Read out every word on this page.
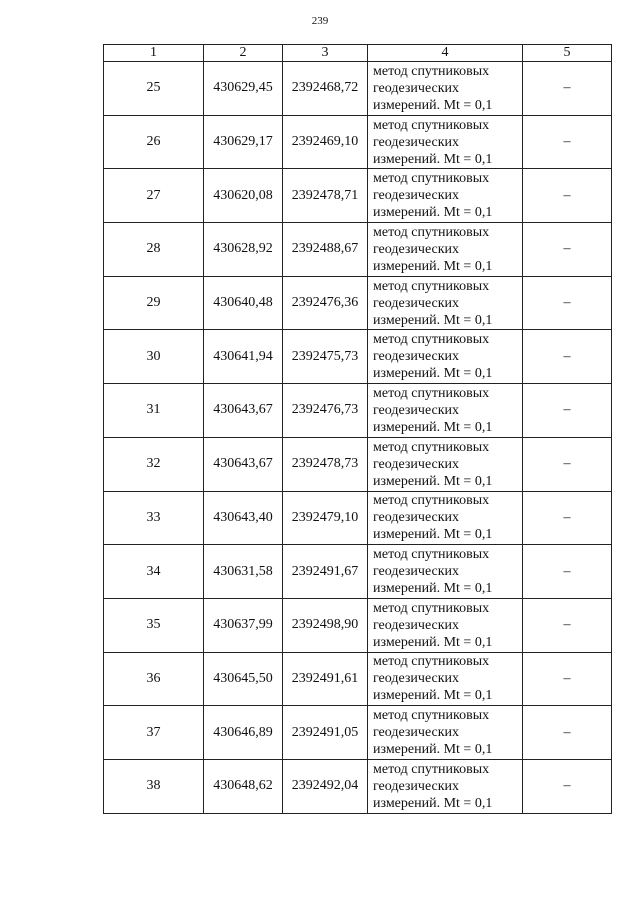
239
1	2	3	4	5
25	430629,45	2392468,72	метод спутниковых
геодезических
измерений. Mt = 0,1	–
26	430629,17	2392469,10	метод спутниковых
геодезических
измерений. Mt = 0,1	–
27	430620,08	2392478,71	метод спутниковых
геодезических
измерений. Mt = 0,1	–
28	430628,92	2392488,67	метод спутниковых
геодезических
измерений. Mt = 0,1	–
29	430640,48	2392476,36	метод спутниковых
геодезических
измерений. Mt = 0,1	–
30	430641,94	2392475,73	метод спутниковых
геодезических
измерений. Mt = 0,1	–
31	430643,67	2392476,73	метод спутниковых
геодезических
измерений. Mt = 0,1	–
32	430643,67	2392478,73	метод спутниковых
геодезических
измерений. Mt = 0,1	–
33	430643,40	2392479,10	метод спутниковых
геодезических
измерений. Mt = 0,1	–
34	430631,58	2392491,67	метод спутниковых
геодезических
измерений. Mt = 0,1	–
35	430637,99	2392498,90	метод спутниковых
геодезических
измерений. Mt = 0,1	–
36	430645,50	2392491,61	метод спутниковых
геодезических
измерений. Mt = 0,1	–
37	430646,89	2392491,05	метод спутниковых
геодезических
измерений. Mt = 0,1	–
38	430648,62	2392492,04	метод спутниковых
геодезических
измерений. Mt = 0,1	–
